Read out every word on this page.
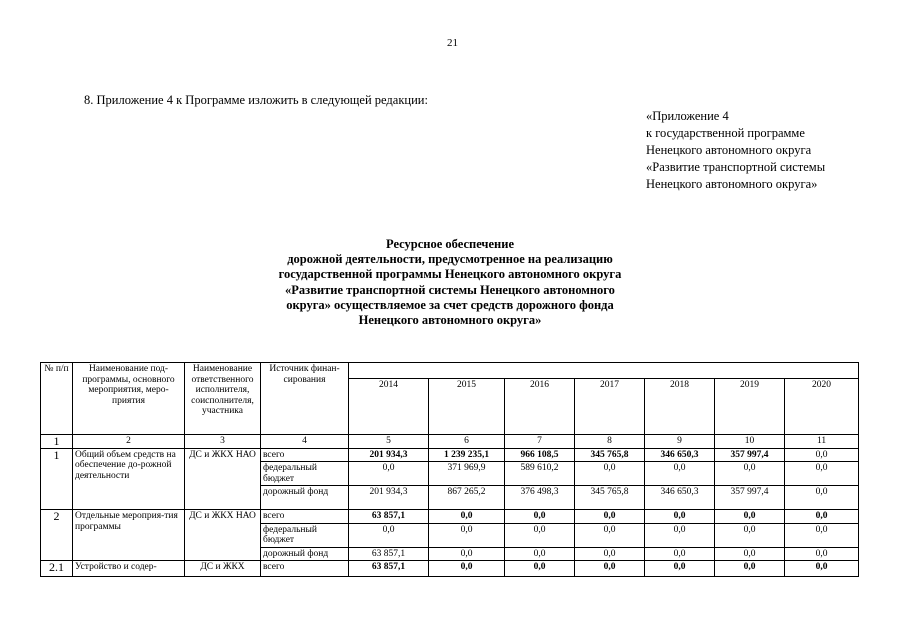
21
8. Приложение 4 к Программе изложить в следующей редакции:
«Приложение 4
к государственной программе
Ненецкого автономного округа
«Развитие транспортной системы
Ненецкого автономного округа»
Ресурсное обеспечение
дорожной деятельности, предусмотренное на реализацию
государственной программы Ненецкого автономного округа
«Развитие транспортной системы Ненецкого автономного
округа» осуществляемое за счет средств дорожного фонда
Ненецкого автономного округа»
№ п/п	Наименование под-программы, основного мероприятия, меро-приятия	Наименование ответственного исполнителя, соисполнителя, участника	Источник финан-сирования							
				2014	2015	2016	2017	2018	2019	2020
1	2	3	4	5	6	7	8	9	10	11
1	Общий объем средств на обеспечение до-рожной деятельности	ДС и ЖКХ НАО	всего	201 934,3	1 239 235,1	966 108,5	345 765,8	346 650,3	357 997,4	0,0
			федеральный бюджет	0,0	371 969,9	589 610,2	0,0	0,0	0,0	0,0
			дорожный фонд	201 934,3	867 265,2	376 498,3	345 765,8	346 650,3	357 997,4	0,0
2	Отдельные мероприя-тия программы	ДС и ЖКХ НАО	всего	63 857,1	0,0	0,0	0,0	0,0	0,0	0,0
			федеральный бюджет	0,0	0,0	0,0	0,0	0,0	0,0	0,0
			дорожный фонд	63 857,1	0,0	0,0	0,0	0,0	0,0	0,0
2.1	Устройство и содер-	ДС и ЖКХ	всего	63 857,1	0,0	0,0	0,0	0,0	0,0	0,0
